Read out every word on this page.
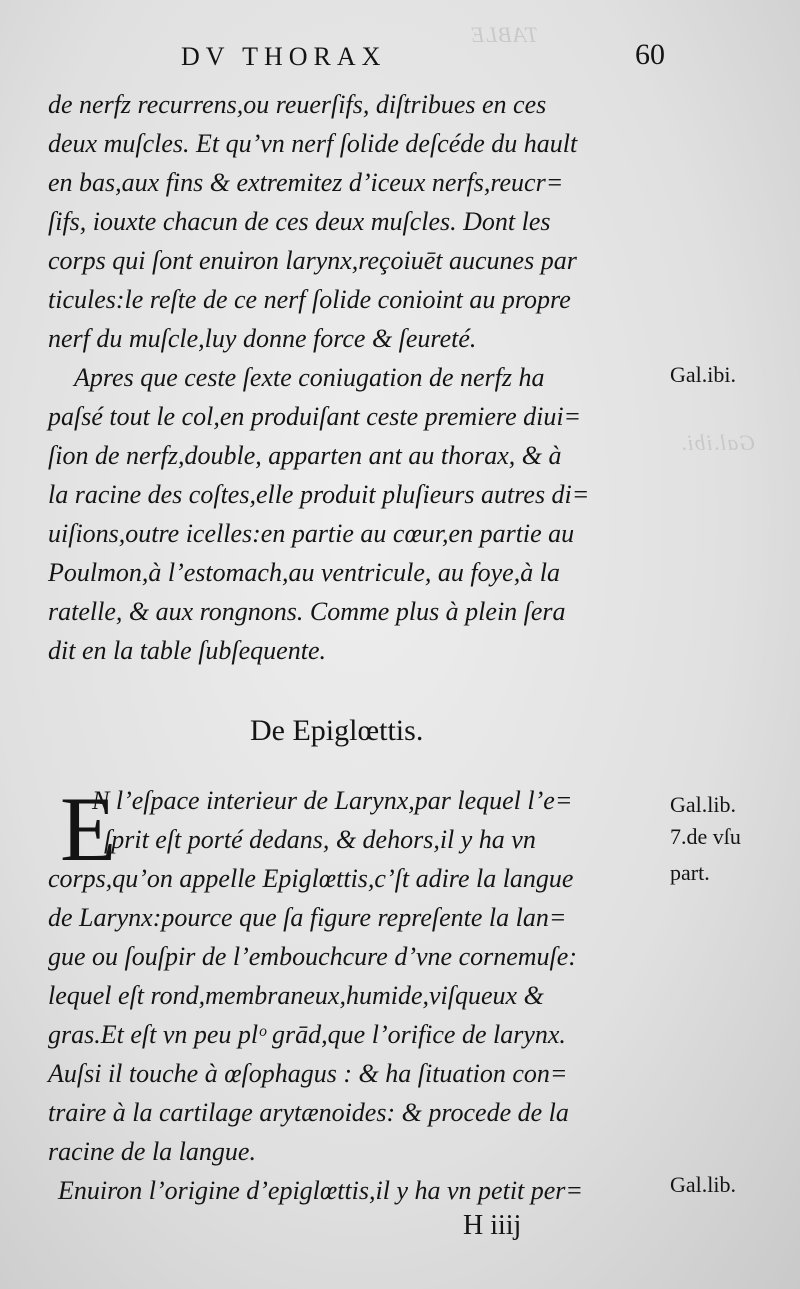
TABLE
Gal.ibi.
DV THORAX	60
de nerfz recurrens,ou reuerſifs, diſtribues en ces
deux muſcles. Et qu’vn nerf ſolide deſcéde du hault
en bas,aux fins & extremitez d’iceux nerfs,reucr=
ſifs, iouxte chacun de ces deux muſcles. Dont les
corps qui ſont enuiron larynx,reçoiuēt aucunes par
ticules:le reſte de ce nerf ſolide conioint au propre
nerf du muſcle,luy donne force & ſeureté.
Apres que ceste ſexte coniugation de nerfz ha
paſsé tout le col,en produiſant ceste premiere diui=
ſion de nerfz,double, apparten ant au thorax, & à
la racine des coſtes,elle produit pluſieurs autres di=
uiſions,outre icelles:en partie au cœur,en partie au
Poulmon,à l’estomach,au ventricule, au foye,à la
ratelle, & aux rongnons. Comme plus à plein ſera
dit en la table ſubſequente.
N l’eſpace interieur de Larynx,par lequel l’e=
ſprit eſt porté dedans, & dehors,il y ha vn
corps,qu’on appelle Epiglœttis,c’ſt adire la langue
de Larynx:pource que ſa figure repreſente la lan=
gue ou ſouſpir de l’embouchcure d’vne cornemuſe:
lequel eſt rond,membraneux,humide,viſqueux &
gras.Et eſt vn peu plᵒ grād,que l’orifice de larynx.
Auſsi il touche à œſophagus : & ha ſituation con=
traire à la cartilage arytænoides: & procede de la
racine de la langue.
Enuiron l’origine d’epiglœttis,il y ha vn petit per=
De Epiglœttis.
E
Gal.ibi.
Gal.lib.
7.de vſu
part.
Gal.lib.
H iiij
